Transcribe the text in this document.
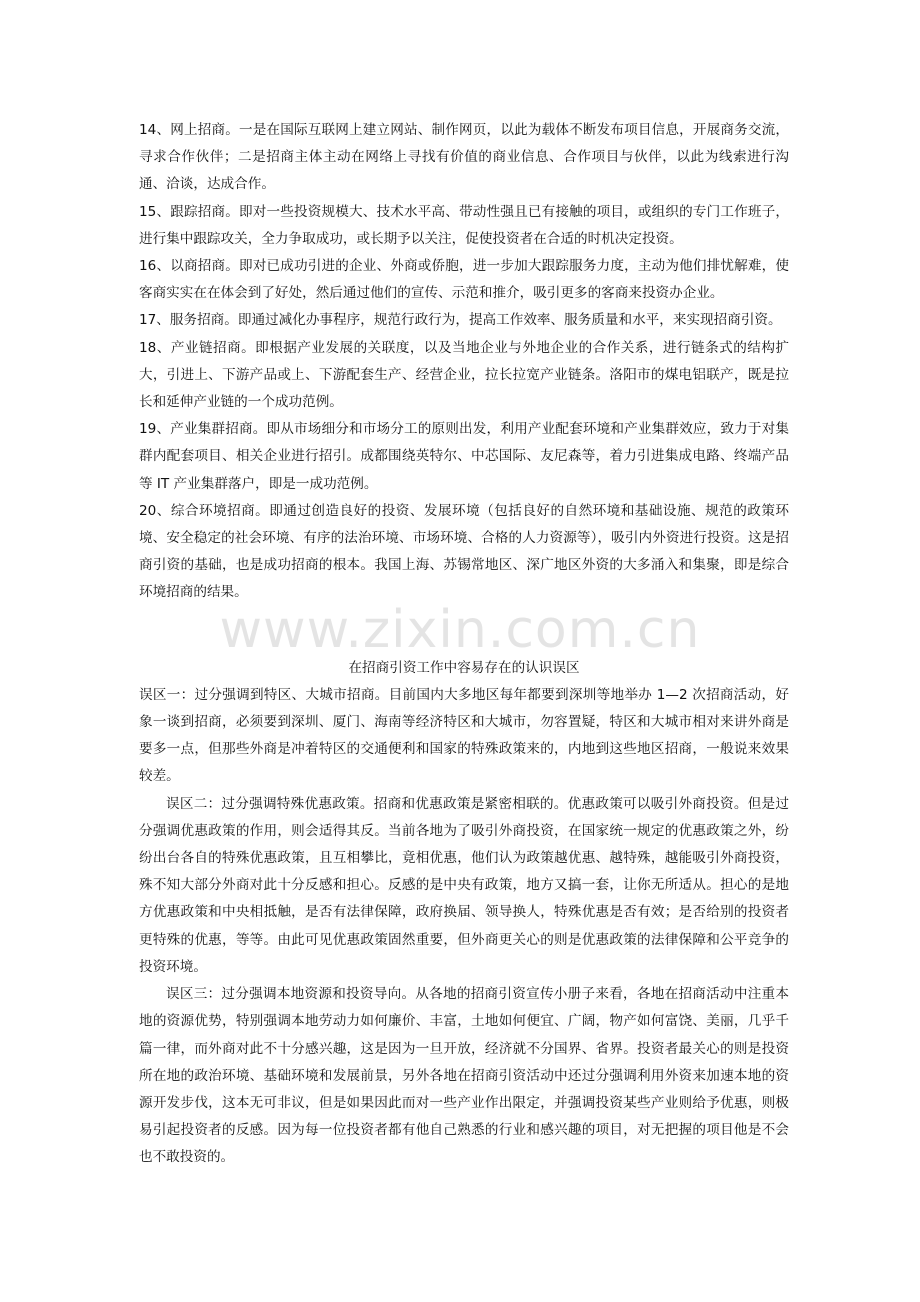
www.zixin.com.cn

14、网上招商。一是在国际互联网上建立网站、制作网页，以此为载体不断发布项目信息，开展商务交流，寻求合作伙伴；二是招商主体主动在网络上寻找有价值的商业信息、合作项目与伙伴，以此为线索进行沟通、洽谈，达成合作。

15、跟踪招商。即对一些投资规模大、技术水平高、带动性强且已有接触的项目，或组织的专门工作班子，进行集中跟踪攻关，全力争取成功，或长期予以关注，促使投资者在合适的时机决定投资。

16、以商招商。即对已成功引进的企业、外商或侨胞，进一步加大跟踪服务力度，主动为他们排忧解难，使客商实实在在体会到了好处，然后通过他们的宣传、示范和推介，吸引更多的客商来投资办企业。

17、服务招商。即通过减化办事程序，规范行政行为，提高工作效率、服务质量和水平，来实现招商引资。

18、产业链招商。即根据产业发展的关联度，以及当地企业与外地企业的合作关系，进行链条式的结构扩大，引进上、下游产品或上、下游配套生产、经营企业，拉长拉宽产业链条。洛阳市的煤电铝联产，既是拉长和延伸产业链的一个成功范例。

19、产业集群招商。即从市场细分和市场分工的原则出发，利用产业配套环境和产业集群效应，致力于对集群内配套项目、相关企业进行招引。成都围绕英特尔、中芯国际、友尼森等，着力引进集成电路、终端产品等 IT 产业集群落户，即是一成功范例。

20、综合环境招商。即通过创造良好的投资、发展环境（包括良好的自然环境和基础设施、规范的政策环境、安全稳定的社会环境、有序的法治环境、市场环境、合格的人力资源等），吸引内外资进行投资。这是招商引资的基础，也是成功招商的根本。我国上海、苏锡常地区、深广地区外资的大多涌入和集聚，即是综合环境招商的结果。

在招商引资工作中容易存在的认识误区

误区一：过分强调到特区、大城市招商。目前国内大多地区每年都要到深圳等地举办 1—2 次招商活动，好象一谈到招商，必须要到深圳、厦门、海南等经济特区和大城市，勿容置疑，特区和大城市相对来讲外商是要多一点，但那些外商是冲着特区的交通便利和国家的特殊政策来的，内地到这些地区招商，一般说来效果较差。

误区二：过分强调特殊优惠政策。招商和优惠政策是紧密相联的。优惠政策可以吸引外商投资。但是过分强调优惠政策的作用，则会适得其反。当前各地为了吸引外商投资，在国家统一规定的优惠政策之外，纷纷出台各自的特殊优惠政策，且互相攀比，竟相优惠，他们认为政策越优惠、越特殊，越能吸引外商投资，殊不知大部分外商对此十分反感和担心。反感的是中央有政策，地方又搞一套，让你无所适从。担心的是地方优惠政策和中央相抵触，是否有法律保障，政府换届、领导换人，特殊优惠是否有效；是否给别的投资者更特殊的优惠，等等。由此可见优惠政策固然重要，但外商更关心的则是优惠政策的法律保障和公平竞争的投资环境。

误区三：过分强调本地资源和投资导向。从各地的招商引资宣传小册子来看，各地在招商活动中注重本地的资源优势，特别强调本地劳动力如何廉价、丰富，土地如何便宜、广阔，物产如何富饶、美丽，几乎千篇一律，而外商对此不十分感兴趣，这是因为一旦开放，经济就不分国界、省界。投资者最关心的则是投资所在地的政治环境、基础环境和发展前景，另外各地在招商引资活动中还过分强调利用外资来加速本地的资源开发步伐，这本无可非议，但是如果因此而对一些产业作出限定，并强调投资某些产业则给予优惠，则极易引起投资者的反感。因为每一位投资者都有他自己熟悉的行业和感兴趣的项目，对无把握的项目他是不会也不敢投资的。
